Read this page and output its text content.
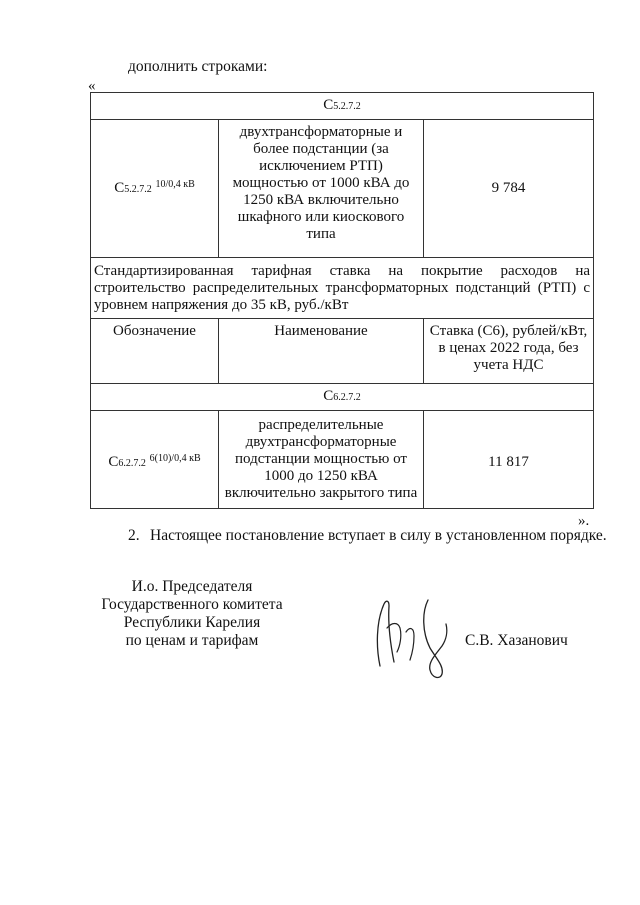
дополнить строками:
«
С5.2.7.2		
С5.2.7.2 $^{10/0,4 кВ}$	двухтрансформаторные и более подстанции (за исключением РТП) мощностью от 1000 кВА до 1250 кВА включительно шкафного или киоскового типа	9 784
Стандартизированная тарифная ставка на покрытие расходов на строительство распределительных трансформаторных подстанций (РТП) с уровнем напряжения до 35 кВ, руб./кВт		
Обозначение	Наименование	Ставка (С6), рублей/кВт, в ценах 2022 года, без учета НДС
С6.2.7.2		
С6.2.7.2 $^{6(10)/0,4 кВ}$	распределительные двухтрансформаторные подстанции мощностью от 1000 до 1250 кВА включительно закрытого типа	11 817
».
2. Настоящее постановление вступает в силу в установленном порядке.
И.о. Председателя
Государственного комитета
Республики Карелия
по ценам и тарифам	С.В. Хазанович
